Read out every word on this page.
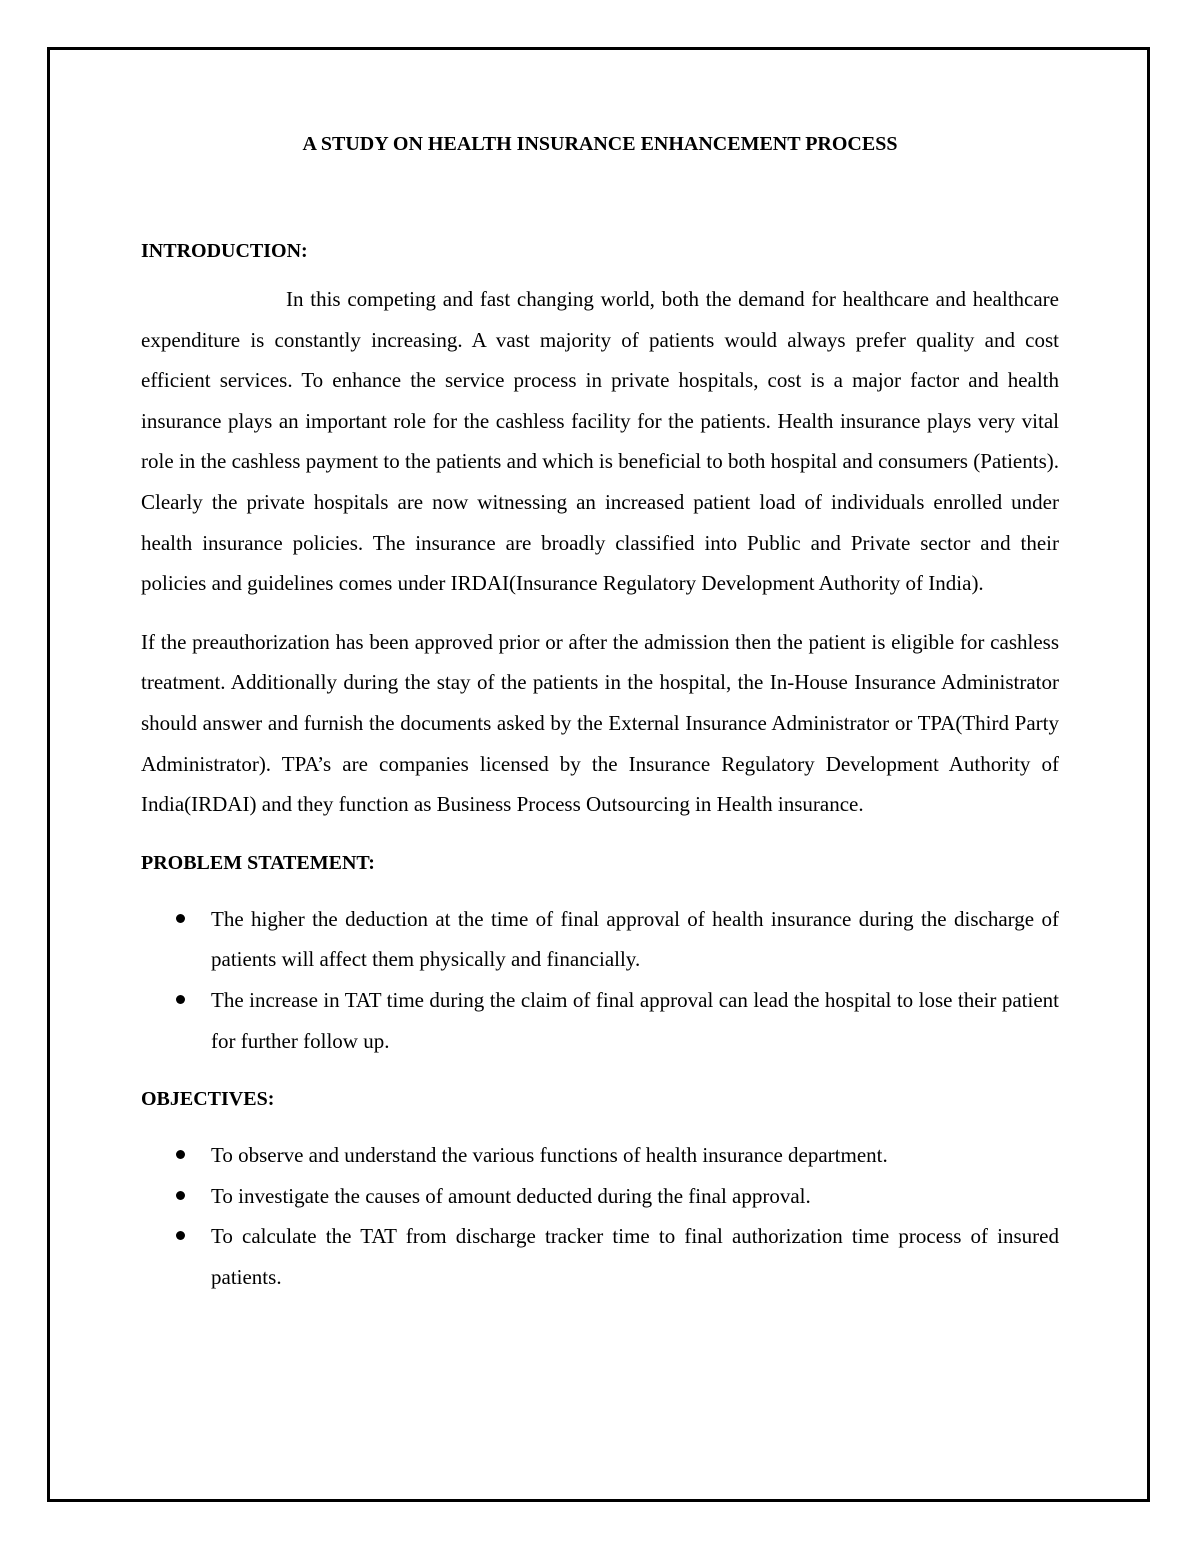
A STUDY ON HEALTH INSURANCE ENHANCEMENT PROCESS
INTRODUCTION:

In this competing and fast changing world, both the demand for healthcare and healthcare expenditure is constantly increasing. A vast majority of patients would always prefer quality and cost efficient services. To enhance the service process in private hospitals, cost is a major factor and health insurance plays an important role for the cashless facility for the patients. Health insurance plays very vital role in the cashless payment to the patients and which is beneficial to both hospital and consumers (Patients). Clearly the private hospitals are now witnessing an increased patient load of individuals enrolled under health insurance policies. The insurance are broadly classified into Public and Private sector and their policies and guidelines comes under IRDAI(Insurance Regulatory Development Authority of India).

If the preauthorization has been approved prior or after the admission then the patient is eligible for cashless treatment. Additionally during the stay of the patients in the hospital, the In-House Insurance Administrator should answer and furnish the documents asked by the External Insurance Administrator or TPA(Third Party Administrator). TPA’s are companies licensed by the Insurance Regulatory Development Authority of India(IRDAI) and they function as Business Process Outsourcing in Health insurance.

PROBLEM STATEMENT:
The higher the deduction at the time of final approval of health insurance during the discharge of patients will affect them physically and financially.
The increase in TAT time during the claim of final approval can lead the hospital to lose their patient for further follow up.
OBJECTIVES:
To observe and understand the various functions of health insurance department.
To investigate the causes of amount deducted during the final approval.
To calculate the TAT from discharge tracker time to final authorization time process of insured patients.
